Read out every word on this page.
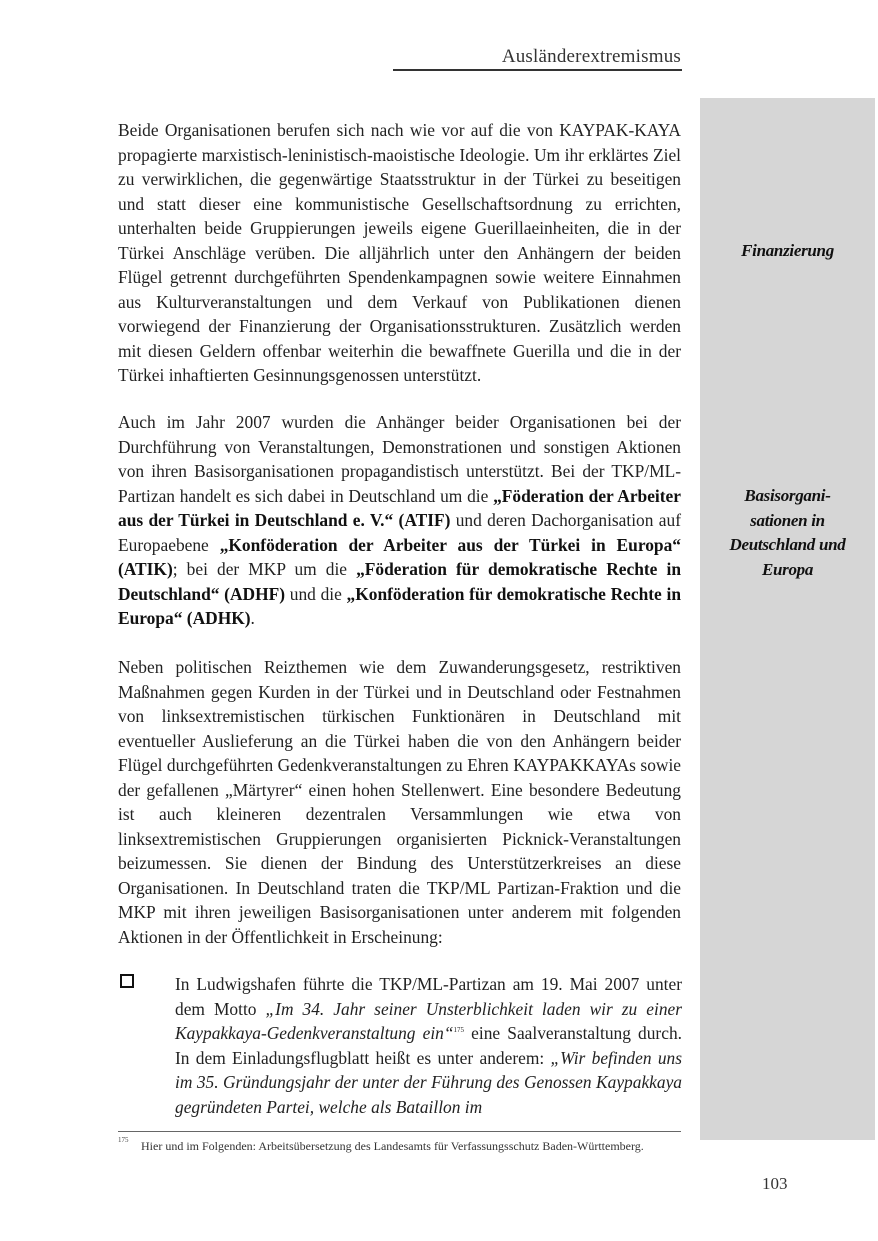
Ausländerextremismus
Finanzierung
Basisorgani-
sationen in
Deutschland und
Europa

Beide Organisationen berufen sich nach wie vor auf die von KAYPAK-KAYA propagierte marxistisch-leninistisch-maoistische Ideologie. Um ihr erklärtes Ziel zu verwirklichen, die gegenwärtige Staatsstruktur in der Türkei zu beseitigen und statt dieser eine kommunistische Gesellschaftsordnung zu errichten, unterhalten beide Gruppierungen jeweils eigene Guerillaeinheiten, die in der Türkei Anschläge verüben. Die alljährlich unter den Anhängern der beiden Flügel getrennt durchgeführten Spendenkampagnen sowie weitere Einnahmen aus Kulturveranstaltungen und dem Verkauf von Publikationen dienen vorwiegend der Finanzierung der Organisationsstrukturen. Zusätzlich werden mit diesen Geldern offenbar weiterhin die bewaffnete Guerilla und die in der Türkei inhaftierten Gesinnungsgenossen unterstützt.

Auch im Jahr 2007 wurden die Anhänger beider Organisationen bei der Durchführung von Veranstaltungen, Demonstrationen und sonstigen Aktionen von ihren Basisorganisationen propagandistisch unterstützt. Bei der TKP/ML-Partizan handelt es sich dabei in Deutschland um die „Föderation der Arbeiter aus der Türkei in Deutschland e. V.“ (ATIF) und deren Dachorganisation auf Europaebene „Konföderation der Arbeiter aus der Türkei in Europa“ (ATIK); bei der MKP um die „Föderation für demokratische Rechte in Deutschland“ (ADHF) und die „Konföderation für demokratische Rechte in Europa“ (ADHK).

Neben politischen Reizthemen wie dem Zuwanderungsgesetz, restriktiven Maßnahmen gegen Kurden in der Türkei und in Deutschland oder Festnahmen von linksextremistischen türkischen Funktionären in Deutschland mit eventueller Auslieferung an die Türkei haben die von den Anhängern beider Flügel durchgeführten Gedenkveranstaltungen zu Ehren KAYPAKKAYAs sowie der gefallenen „Märtyrer“ einen hohen Stellenwert. Eine besondere Bedeutung ist auch kleineren dezentralen Versammlungen wie etwa von linksextremistischen Gruppierungen organisierten Picknick-Veranstaltungen beizumessen. Sie dienen der Bindung des Unterstützerkreises an diese Organisationen. In Deutschland traten die TKP/ML Partizan-Fraktion und die MKP mit ihren jeweiligen Basisorganisationen unter anderem mit folgenden Aktionen in der Öffentlichkeit in Erscheinung:

In Ludwigshafen führte die TKP/ML-Partizan am 19. Mai 2007 unter dem Motto „Im 34. Jahr seiner Unsterblichkeit laden wir zu einer Kaypakkaya-Gedenkveranstaltung ein“$^{175}$ eine Saalveranstaltung durch. In dem Einladungsflugblatt heißt es unter anderem: „Wir befinden uns im 35. Gründungsjahr der unter der Führung des Genossen Kaypakkaya gegründeten Partei, welche als Bataillon im
175 Hier und im Folgenden: Arbeitsübersetzung des Landesamts für Verfassungsschutz Baden-Württemberg.
103
